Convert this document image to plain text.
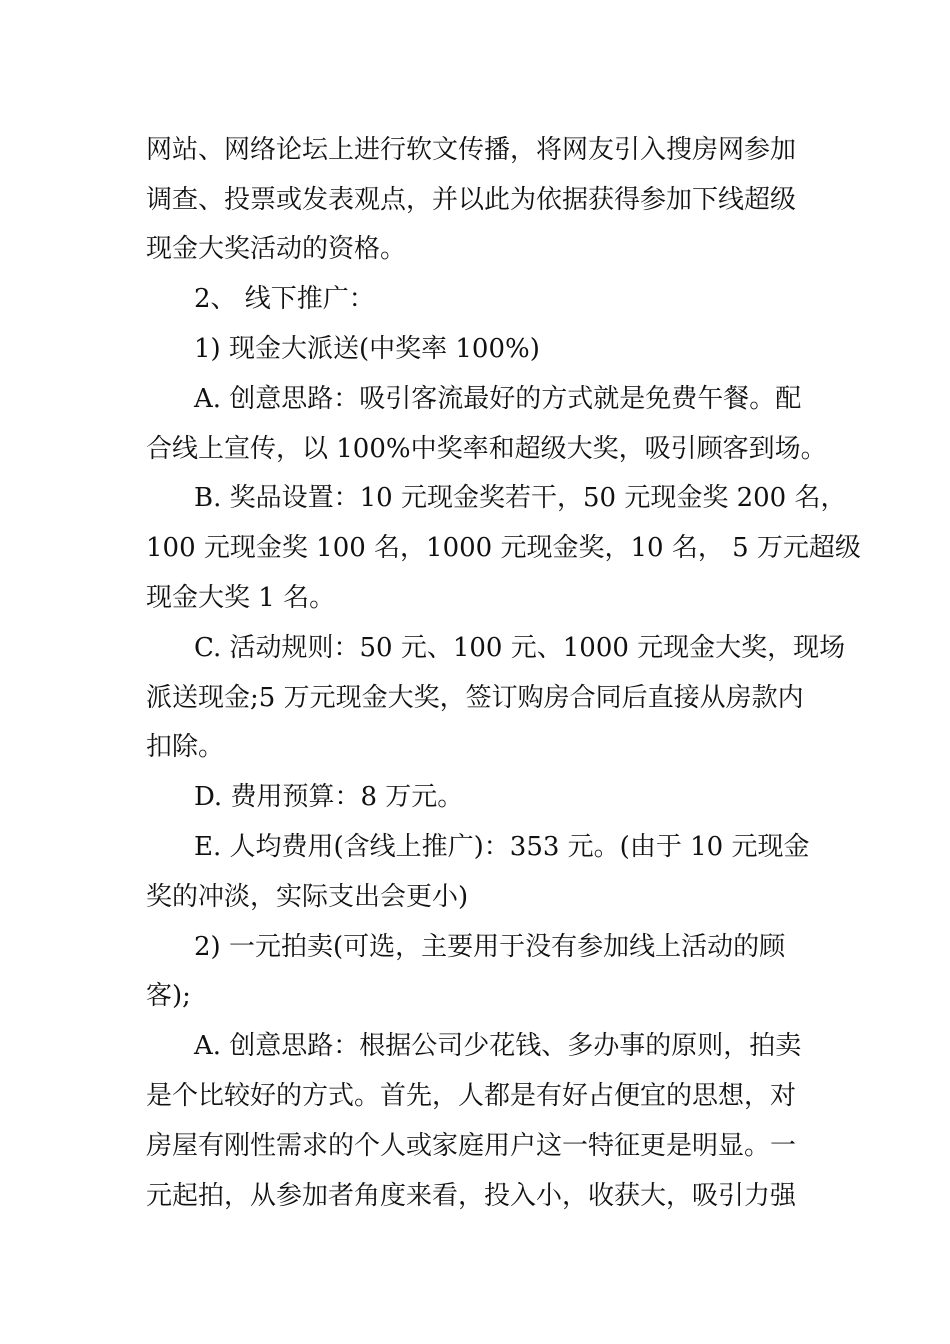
网站、网络论坛上进行软文传播，将网友引入搜房网参加
调查、投票或发表观点，并以此为依据获得参加下线超级
现金大奖活动的资格。
2、 线下推广：
1) 现金大派送(中奖率 100%)
A. 创意思路：吸引客流最好的方式就是免费午餐。配
合线上宣传，以 100%中奖率和超级大奖，吸引顾客到场。
B. 奖品设置：10 元现金奖若干，50 元现金奖 200 名，
100 元现金奖 100 名，1000 元现金奖，10 名， 5 万元超级
现金大奖 1 名。
C. 活动规则：50 元、100 元、1000 元现金大奖，现场
派送现金;5 万元现金大奖，签订购房合同后直接从房款内
扣除。
D. 费用预算：8 万元。
E. 人均费用(含线上推广)：353 元。(由于 10 元现金
奖的冲淡，实际支出会更小)
2) 一元拍卖(可选，主要用于没有参加线上活动的顾
客);
A. 创意思路：根据公司少花钱、多办事的原则，拍卖
是个比较好的方式。首先，人都是有好占便宜的思想，对
房屋有刚性需求的个人或家庭用户这一特征更是明显。一
元起拍，从参加者角度来看，投入小，收获大，吸引力强
